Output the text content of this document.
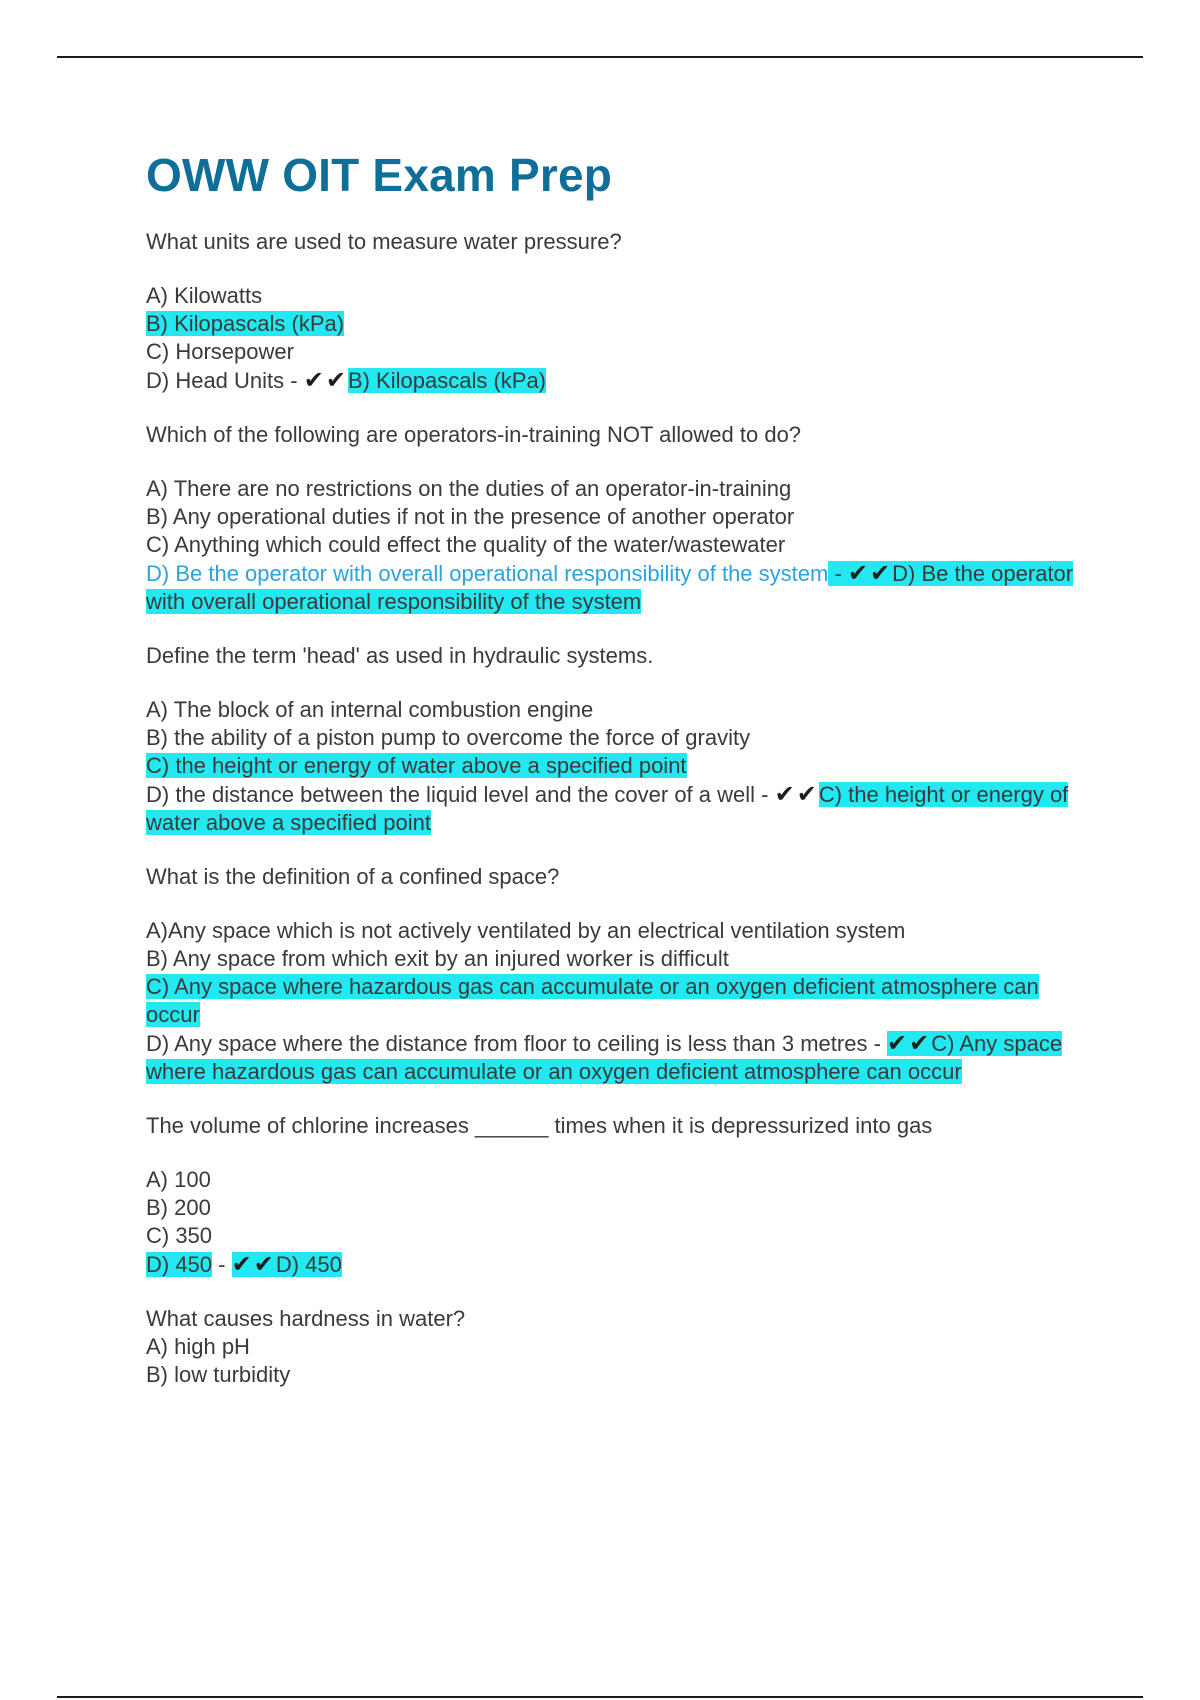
OWW OIT Exam Prep

What units are used to measure water pressure?

A) Kilowatts
B) Kilopascals (kPa)
C) Horsepower
D) Head Units - ✔✔B) Kilopascals (kPa)

Which of the following are operators-in-training NOT allowed to do?

A) There are no restrictions on the duties of an operator-in-training
B) Any operational duties if not in the presence of another operator
C) Anything which could effect the quality of the water/wastewater
D) Be the operator with overall operational responsibility of the system - ✔✔D) Be the operator with overall operational responsibility of the system

Define the term 'head' as used in hydraulic systems.

A) The block of an internal combustion engine
B) the ability of a piston pump to overcome the force of gravity
C) the height or energy of water above a specified point
D) the distance between the liquid level and the cover of a well - ✔✔C) the height or energy of water above a specified point

What is the definition of a confined space?

A)Any space which is not actively ventilated by an electrical ventilation system
B) Any space from which exit by an injured worker is difficult
C) Any space where hazardous gas can accumulate or an oxygen deficient atmosphere can occur
D) Any space where the distance from floor to ceiling is less than 3 metres - ✔✔C) Any space where hazardous gas can accumulate or an oxygen deficient atmosphere can occur

The volume of chlorine increases ______ times when it is depressurized into gas

A) 100
B) 200
C) 350
D) 450 - ✔✔D) 450

What causes hardness in water?

A) high pH
B) low turbidity
